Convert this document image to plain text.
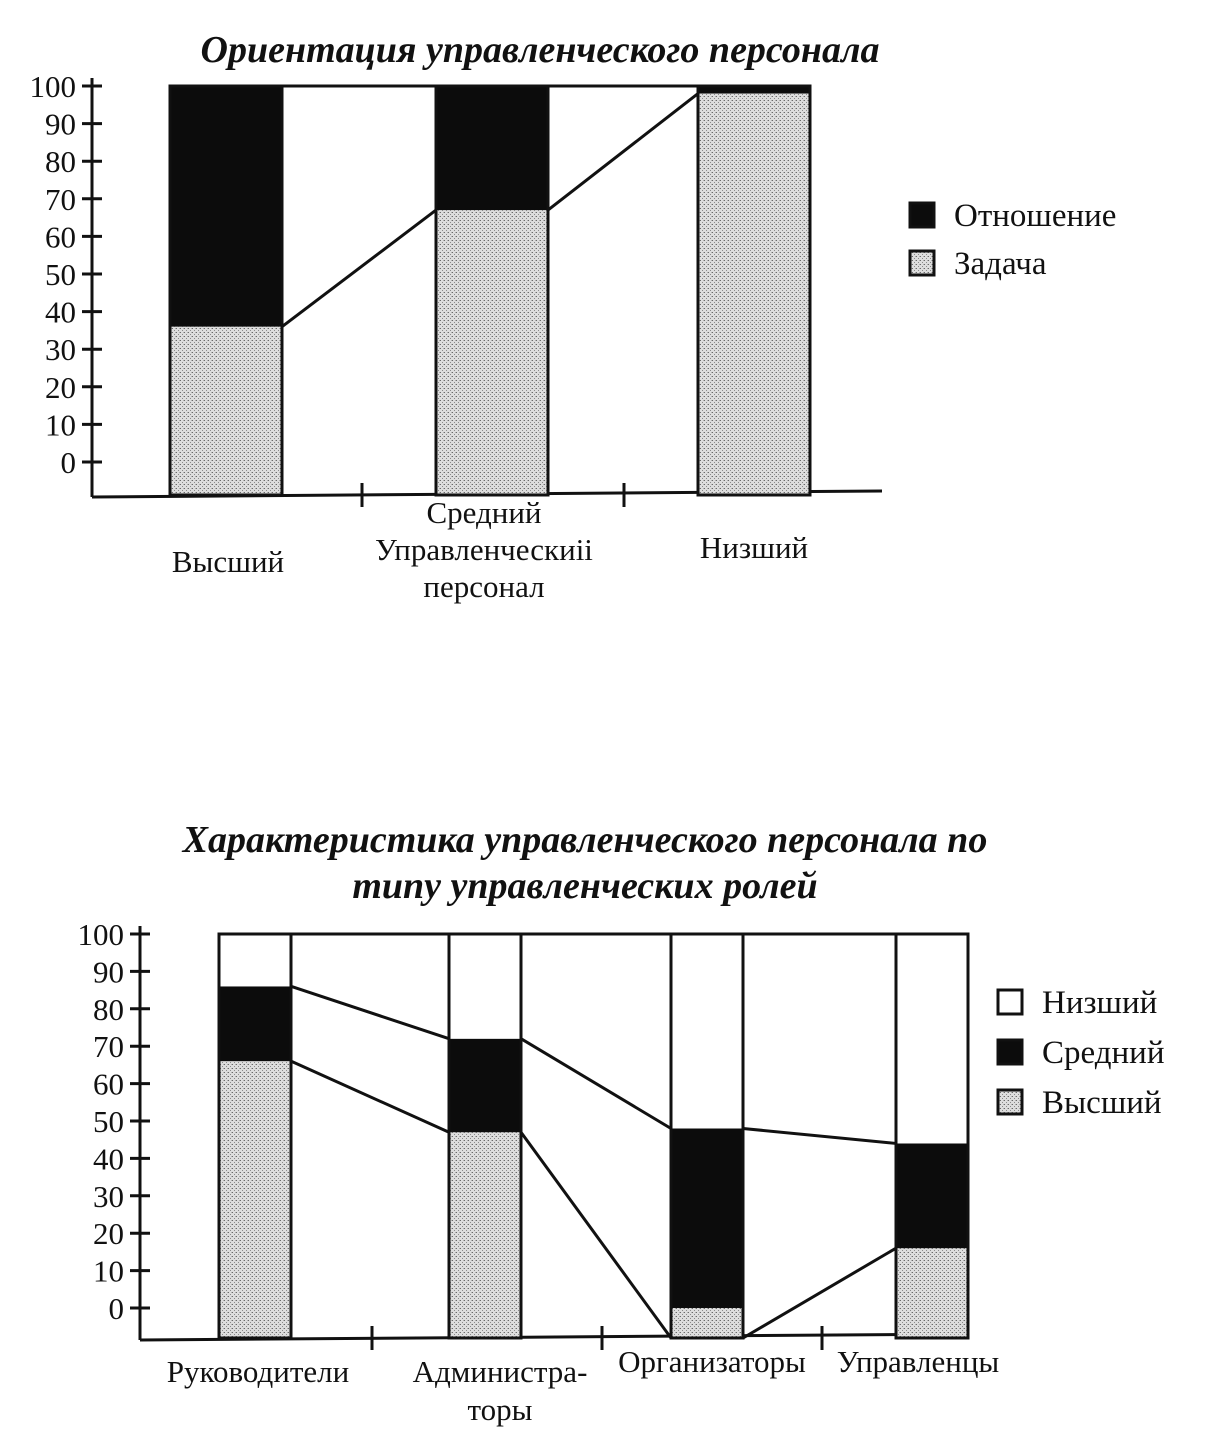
Ориентация управленческого персонала
100
90
80
70
60
50
40
30
20
10
0
Высший
Средний
Управленческиii
персонал
Низший
Отношение
Задача
Характеристика управленческого персонала по
типу управленческих ролей
100
90
80
70
60
50
40
30
20
10
0
Руководители Администра-
торы
Организаторы Управленцы
Низший
Средний
Высший
